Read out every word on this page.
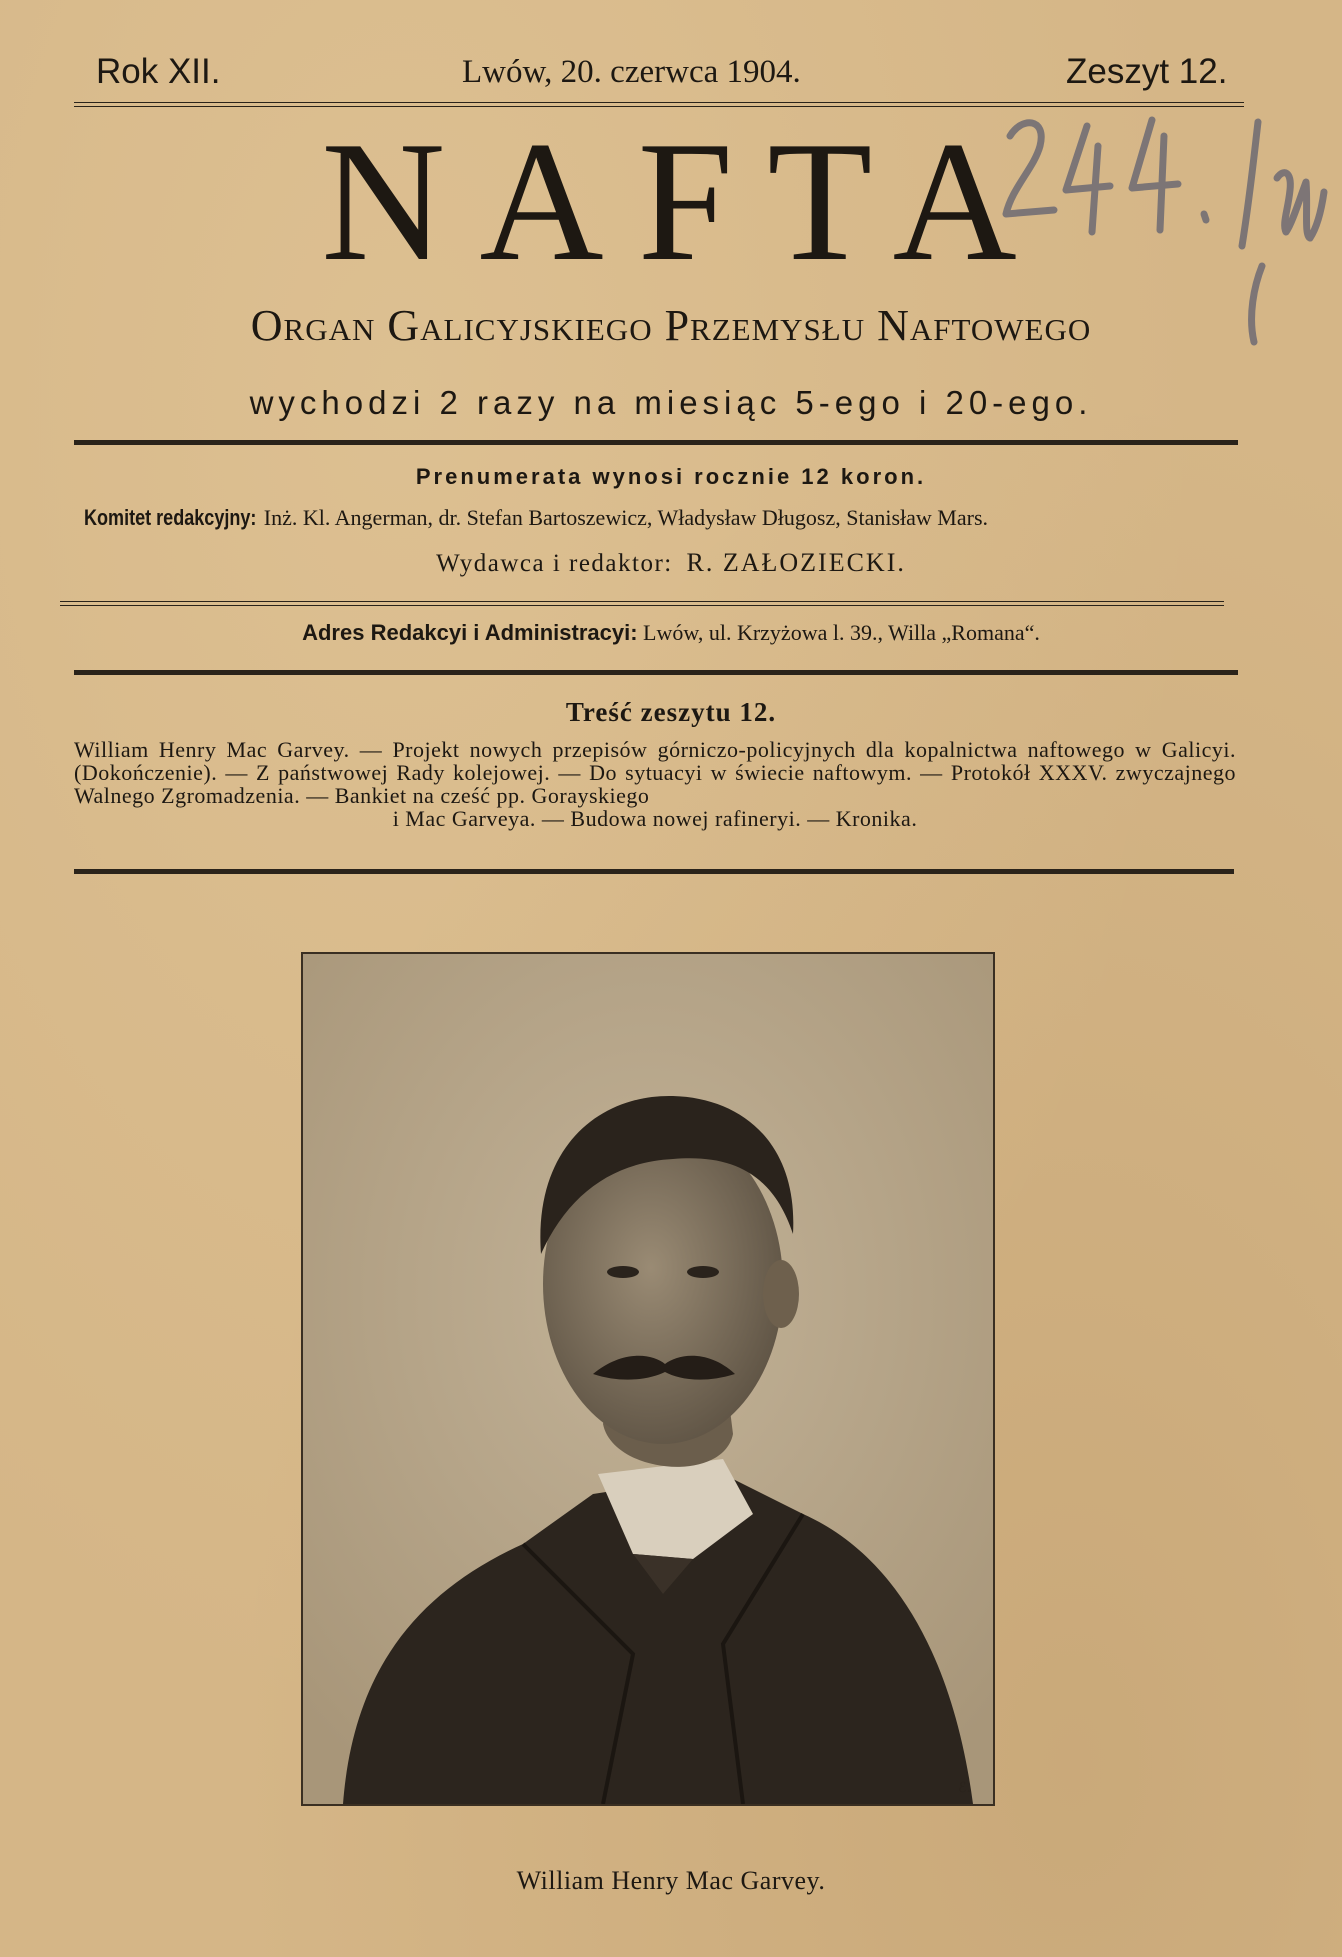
Rok XII.	Lwów, 20. czerwca 1904.	Zeszyt 12.
NAFTA
Organ Galicyjskiego Przemysłu Naftowego
wychodzi 2 razy na miesiąc 5-ego i 20-ego.
Prenumerata wynosi rocznie 12 koron.
Komitet redakcyjny: Inż. Kl. Angerman, dr. Stefan Bartoszewicz, Władysław Długosz, Stanisław Mars.
Wydawca i redaktor: R. ZAŁOZIECKI.
Adres Redakcyi i Administracyi: Lwów, ul. Krzyżowa l. 39., Willa „Romana“.
Treść zeszytu 12.
William Henry Mac Garvey. — Projekt nowych przepisów górniczo-policyjnych dla kopalnictwa naftowego w Galicyi. (Dokończenie). — Z państwowej Rady kolejowej. — Do sytuacyi w świecie naftowym. — Protokół XXXV. zwyczajnego Walnego Zgromadzenia. — Bankiet na cześć pp. Gorayskiego
i Mac Garveya. — Budowa nowej rafineryi. — Kronika.
ℰ.
William Henry Mac Garvey.
